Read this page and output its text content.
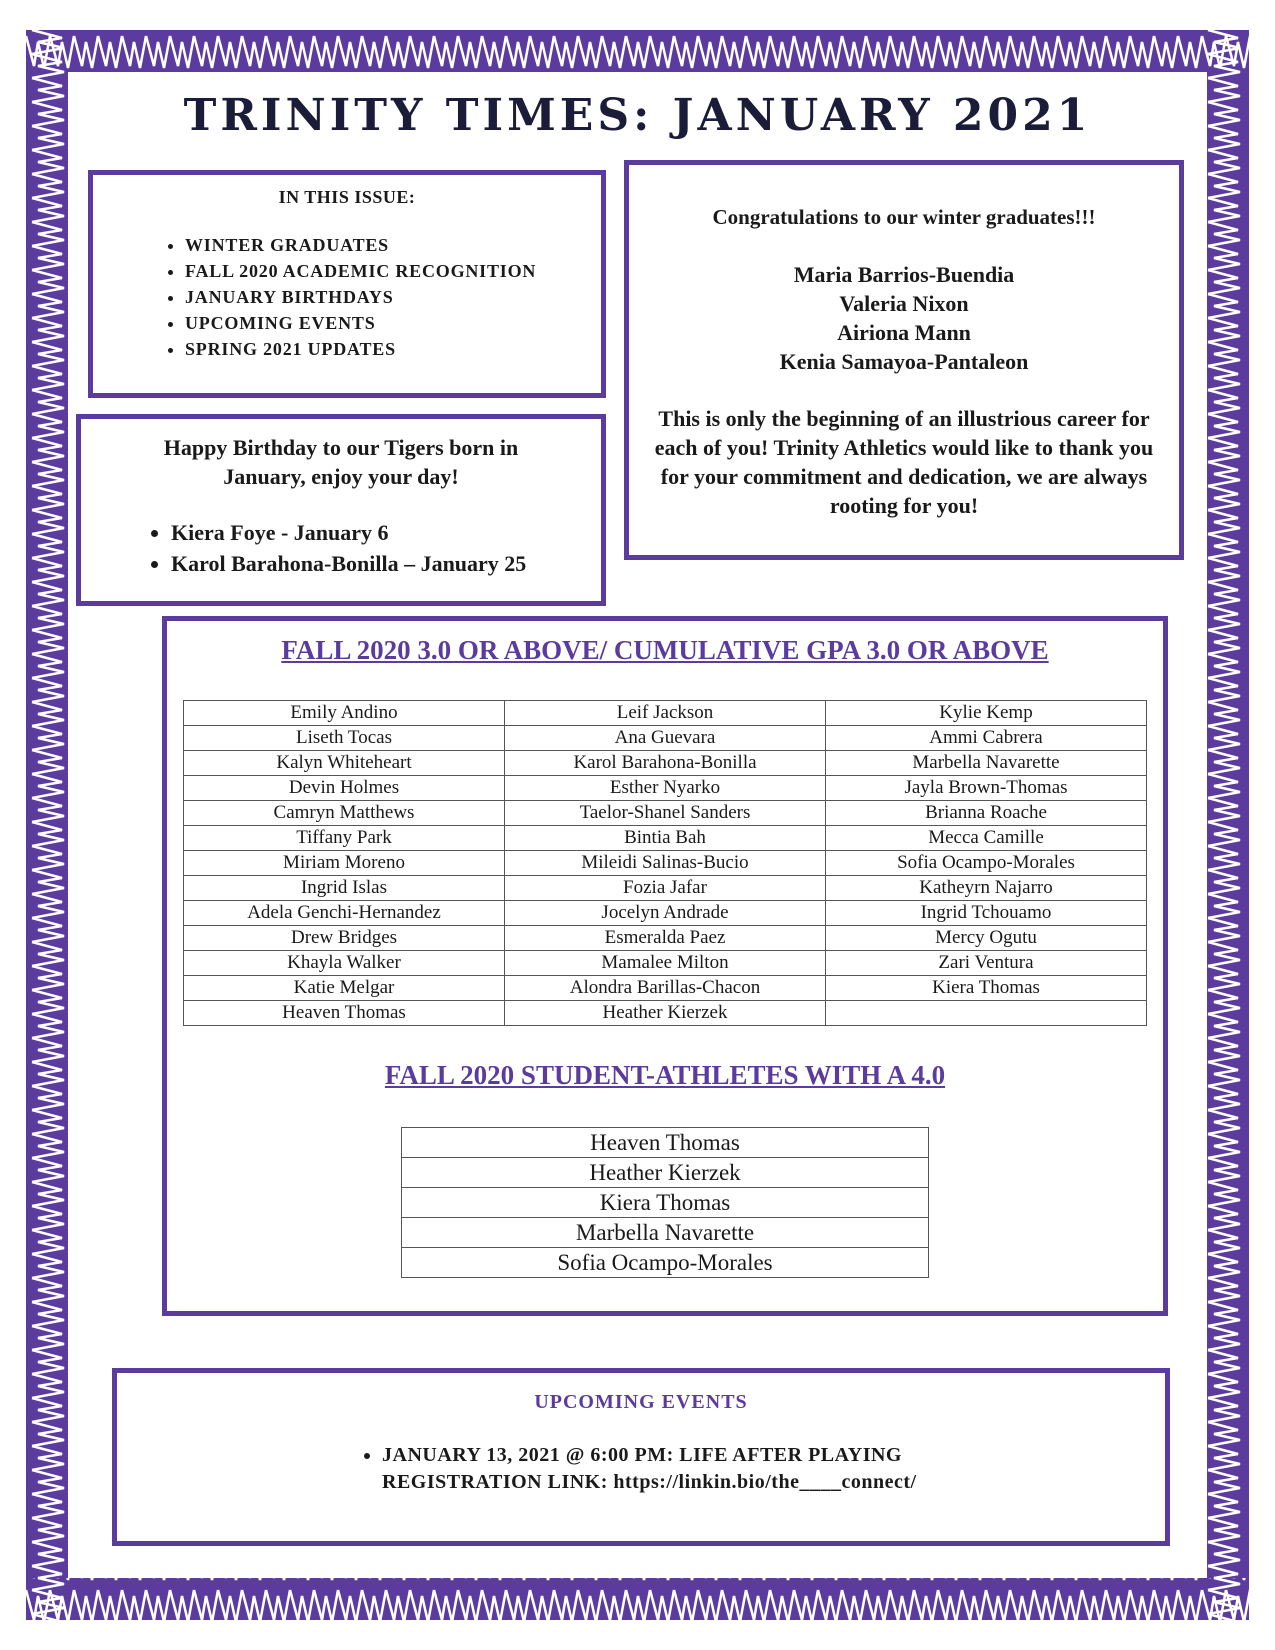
TRINITY TIMES: JANUARY 2021
IN THIS ISSUE:
• WINTER GRADUATES
• FALL 2020 ACADEMIC RECOGNITION
• JANUARY BIRTHDAYS
• UPCOMING EVENTS
• SPRING 2021 UPDATES
Congratulations to our winter graduates!!!
Maria Barrios-Buendia
Valeria Nixon
Airiona Mann
Kenia Samayoa-Pantaleon
This is only the beginning of an illustrious career for each of you! Trinity Athletics would like to thank you for your commitment and dedication, we are always rooting for you!
Happy Birthday to our Tigers born in January, enjoy your day!
• Kiera Foye - January 6
• Karol Barahona-Bonilla – January 25
FALL 2020 3.0 OR ABOVE/ CUMULATIVE GPA 3.0 OR ABOVE
Emily Andino	Leif Jackson	Kylie Kemp
Liseth Tocas	Ana Guevara	Ammi Cabrera
Kalyn Whiteheart	Karol Barahona-Bonilla	Marbella Navarette
Devin Holmes	Esther Nyarko	Jayla Brown-Thomas
Camryn Matthews	Taelor-Shanel Sanders	Brianna Roache
Tiffany Park	Bintia Bah	Mecca Camille
Miriam Moreno	Mileidi Salinas-Bucio	Sofia Ocampo-Morales
Ingrid Islas	Fozia Jafar	Katheyrn Najarro
Adela Genchi-Hernandez	Jocelyn Andrade	Ingrid Tchouamo
Drew Bridges	Esmeralda Paez	Mercy Ogutu
Khayla Walker	Mamalee Milton	Zari Ventura
Katie Melgar	Alondra Barillas-Chacon	Kiera Thomas
Heaven Thomas	Heather Kierzek	
FALL 2020 STUDENT-ATHLETES WITH A 4.0
Heaven Thomas
Heather Kierzek
Kiera Thomas
Marbella Navarette
Sofia Ocampo-Morales
UPCOMING EVENTS
• JANUARY 13, 2021 @ 6:00 PM: LIFE AFTER PLAYING
REGISTRATION LINK: https://linkin.bio/the____connect/
